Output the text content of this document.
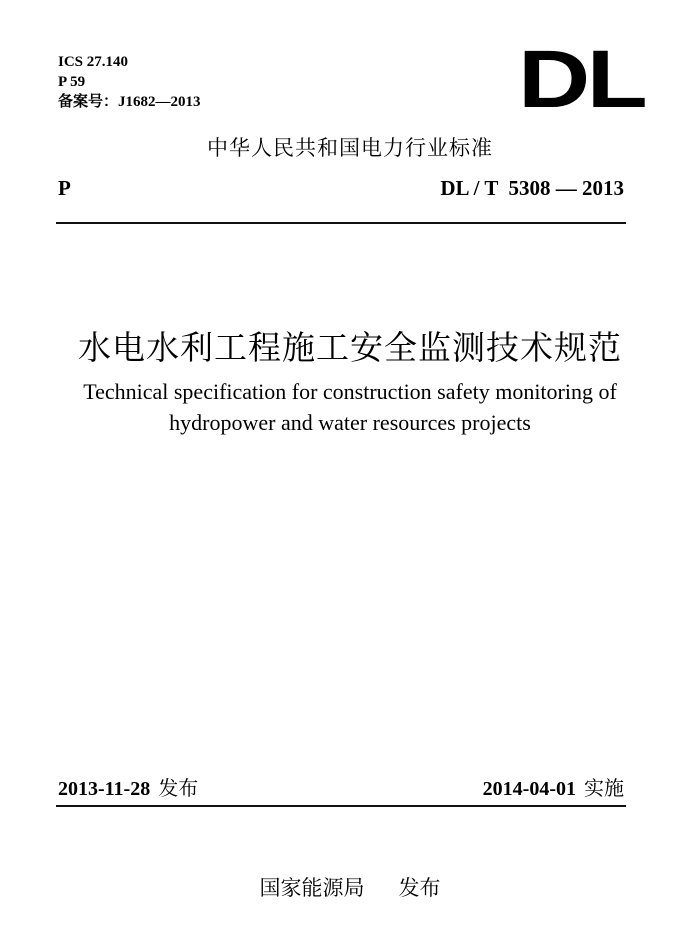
ICS 27.140
P 59
备案号：J1682—2013	DL
中华人民共和国电力行业标准
P	DL / T  5308 — 2013
水电水利工程施工安全监测技术规范
Technical specification for construction safety monitoring of
hydropower and water resources projects
2013-11-28 发布	2014-04-01 实施
国家能源局 发布
